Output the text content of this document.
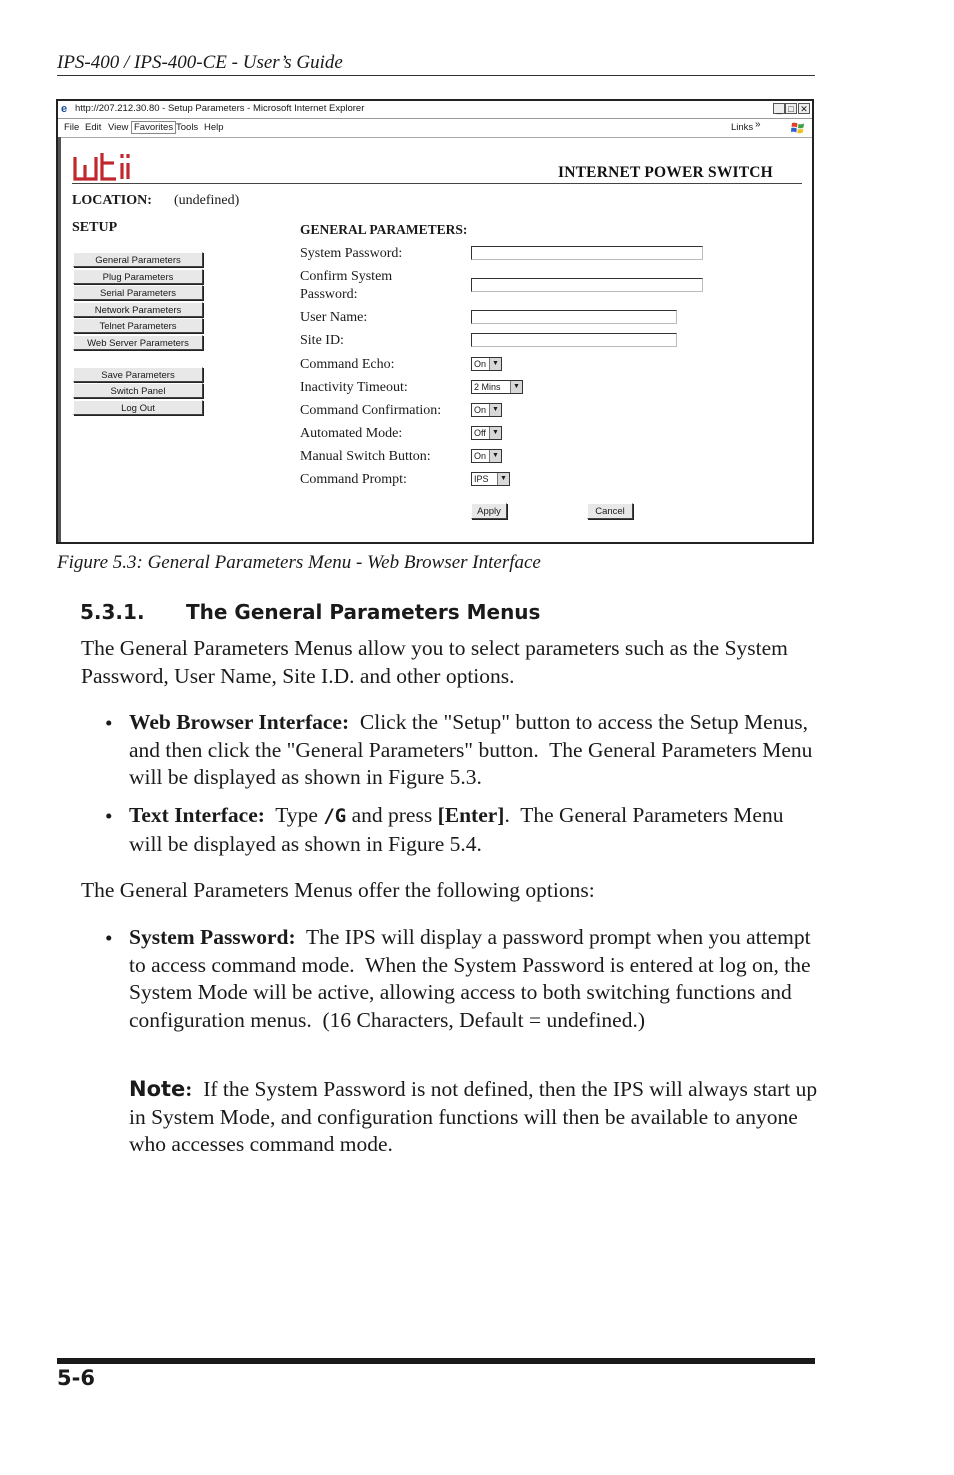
IPS-400 / IPS-400-CE - User’s Guide
e http://207.212.30.80 - Setup Parameters - Microsoft Internet Explorer	_ □ ✕
File Edit View Favorites Tools Help	Links »
INTERNET POWER SWITCH
LOCATION: (undefined)
SETUP
General Parameters
Plug Parameters
Serial Parameters
Network Parameters
Telnet Parameters
Web Server Parameters
Save Parameters
Switch Panel
Log Out
GENERAL PARAMETERS:
System Password:
Confirm System Password:
User Name:
Site ID:
Command Echo:	On ▼
Inactivity Timeout:	2 Mins	▼
Command Confirmation:	On ▼
Automated Mode:	Off ▼
Manual Switch Button:	On ▼
Command Prompt:	IPS	▼
Apply	Cancel
Figure 5.3: General Parameters Menu - Web Browser Interface
5.3.1. The General Parameters Menus
The General Parameters Menus allow you to select parameters such as the System Password, User Name, Site I.D. and other options.
• Web Browser Interface:  Click the "Setup" button to access the Setup Menus, and then click the "General Parameters" button.  The General Parameters Menu will be displayed as shown in Figure 5.3.
• Text Interface:  Type /G and press [Enter].  The General Parameters Menu will be displayed as shown in Figure 5.4.
The General Parameters Menus offer the following options:
• System Password:  The IPS will display a password prompt when you attempt to access command mode.  When the System Password is entered at log on, the System Mode will be active, allowing access to both switching functions and configuration menus.  (16 Characters, Default = undefined.)
Note:  If the System Password is not defined, then the IPS will always start up in System Mode, and configuration functions will then be available to anyone who accesses command mode.
5-6
